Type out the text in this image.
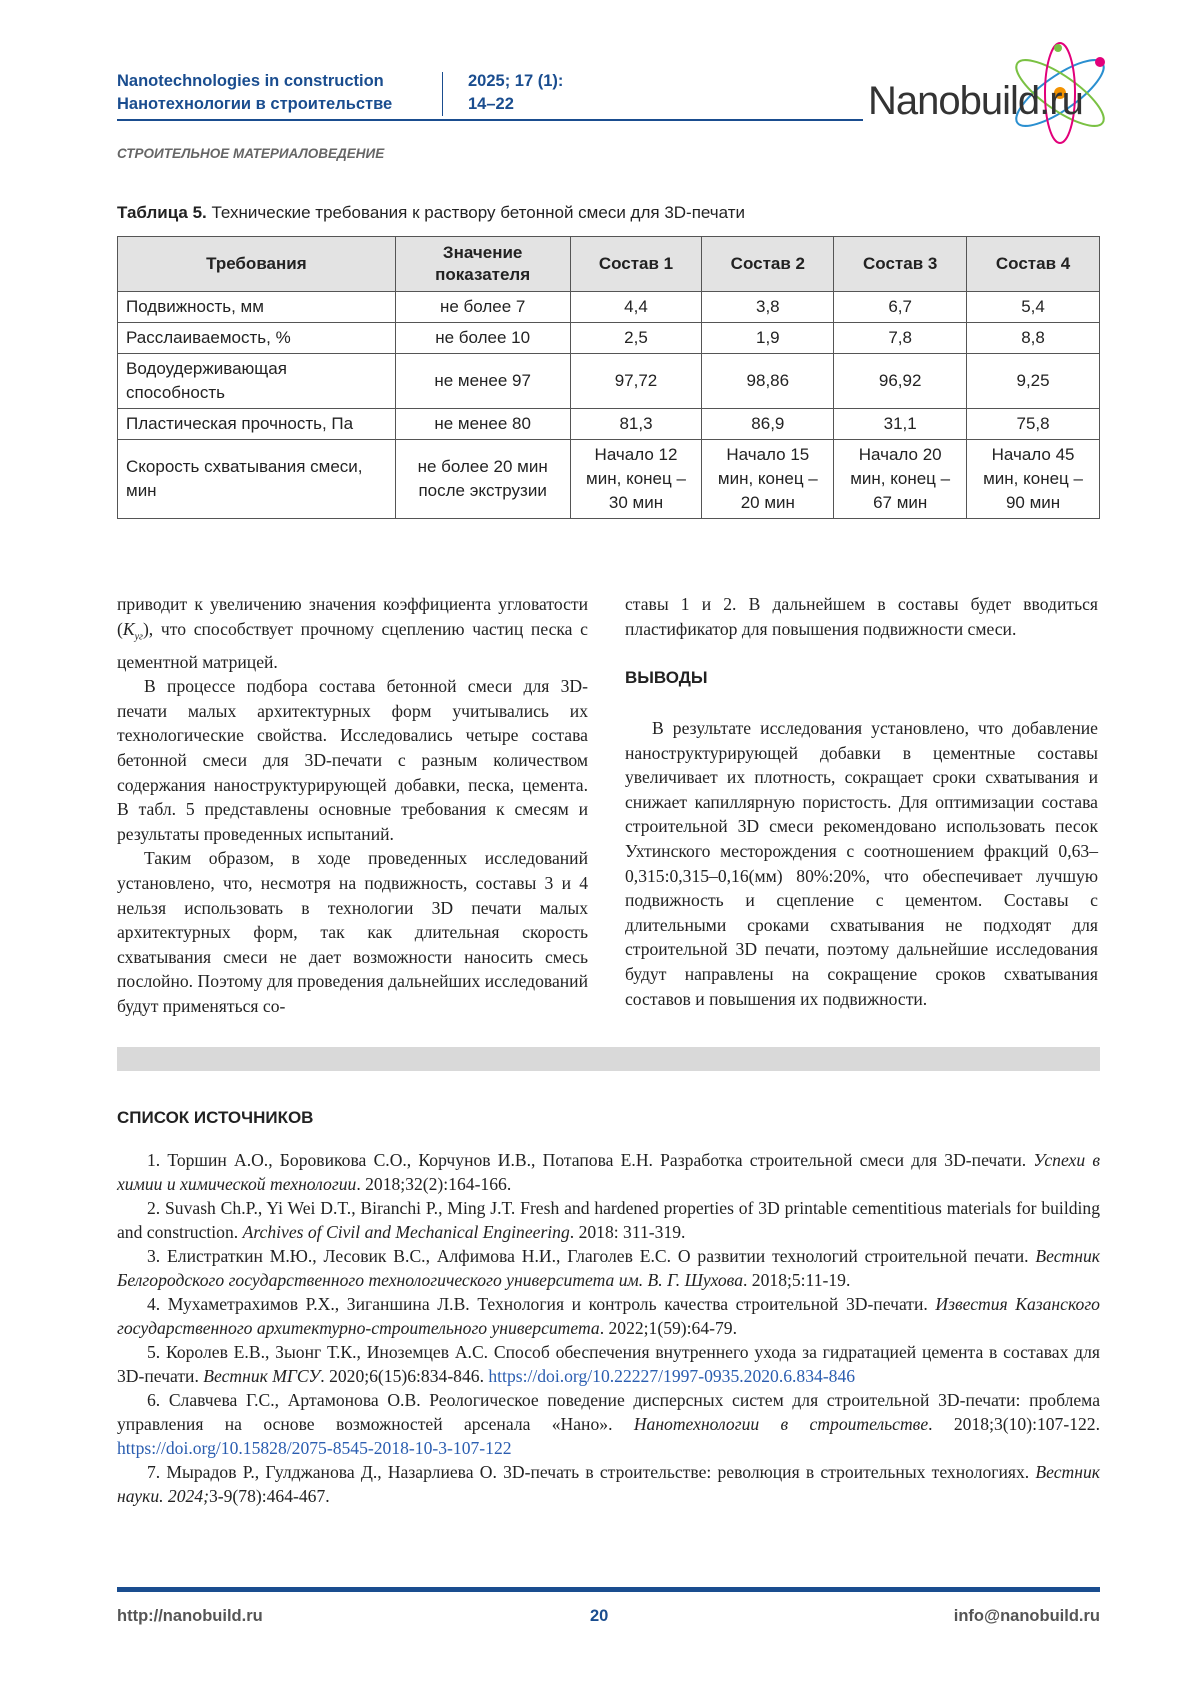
Nanotechnologies in construction
Нанотехнологии в строительстве
2025; 17 (1):
14–22	Nanobuild.ru
СТРОИТЕЛЬНОЕ МАТЕРИАЛОВЕДЕНИЕ
Таблица 5. Технические требования к раствору бетонной смеси для 3D-печати
Требования	Значение показателя	Состав 1	Состав 2	Состав 3	Состав 4
Подвижность, мм	не более 7	4,4	3,8	6,7	5,4
Расслаиваемость, %	не более 10	2,5	1,9	7,8	8,8
Водоудерживающая способность	не менее 97	97,72	98,86	96,92	9,25
Пластическая прочность, Па	не менее 80	81,3	86,9	31,1	75,8
Скорость схватывания смеси, мин	не более 20 мин после экструзии	Начало 12 мин, конец – 30 мин	Начало 15 мин, конец – 20 мин	Начало 20 мин, конец – 67 мин	Начало 45 мин, конец – 90 мин

приводит к увеличению значения коэффициента угловатости $(K_{уг})$, что способствует прочному сцеплению частиц песка с цементной матрицей.

В процессе подбора состава бетонной смеси для 3D-печати малых архитектурных форм учитывались их технологические свойства. Исследовались четыре состава бетонной смеси для 3D-печати с разным количеством содержания наноструктурирующей добавки, песка, цемента. В табл. 5 представлены основные требования к смесям и результаты проведенных испытаний.

Таким образом, в ходе проведенных исследований установлено, что, несмотря на подвижность, составы 3 и 4 нельзя использовать в технологии 3D печати малых архитектурных форм, так как длительная скорость схватывания смеси не дает возможности наносить смесь послойно. Поэтому для проведения дальнейших исследований будут применяться со-

ставы 1 и 2. В дальнейшем в составы будет вводиться пластификатор для повышения подвижности смеси.

ВЫВОДЫ

В результате исследования установлено, что добавление наноструктурирующей добавки в цементные составы увеличивает их плотность, сокращает сроки схватывания и снижает капиллярную пористость. Для оптимизации состава строительной 3D смеси рекомендовано использовать песок Ухтинского месторождения с соотношением фракций 0,63–0,315:0,315–0,16(мм) 80%:20%, что обеспечивает лучшую подвижность и сцепление с цементом. Составы с длительными сроками схватывания не подходят для строительной 3D печати, поэтому дальнейшие исследования будут направлены на сокращение сроков схватывания составов и повышения их подвижности.

СПИСОК ИСТОЧНИКОВ

1. Торшин А.О., Боровикова С.О., Корчунов И.В., Потапова Е.Н. Разработка строительной смеси для 3D-печати. Успехи в химии и химической технологии. 2018;32(2):164-166.

2. Suvash Ch.P., Yi Wei D.T., Biranchi P., Ming J.T. Fresh and hardened properties of 3D printable cementitious materials for building and construction. Archives of Civil and Mechanical Engineering. 2018: 311-319.

3. Елистраткин М.Ю., Лесовик В.С., Алфимова Н.И., Глаголев Е.С. О развитии технологий строительной печати. Вестник Белгородского государственного технологического университета им. В. Г. Шухова. 2018;5:11-19.

4. Мухаметрахимов Р.Х., Зиганшина Л.В. Технология и контроль качества строительной 3D-печати. Известия Казанского государственного архитектурно-строительного университета. 2022;1(59):64-79.

5. Королев Е.В., Зыонг Т.К., Иноземцев А.С. Способ обеспечения внутреннего ухода за гидратацией цемента в составах для 3D-печати. Вестник МГСУ. 2020;6(15)6:834-846. https://doi.org/10.22227/1997-0935.2020.6.834-846

6. Славчева Г.С., Артамонова О.В. Реологическое поведение дисперсных систем для строительной 3D-печати: проблема управления на основе возможностей арсенала «Нано». Нанотехнологии в строительстве. 2018;3(10):107-122. https://doi.org/10.15828/2075-8545-2018-10-3-107-122

7. Мырадов Р., Гулджанова Д., Назарлиева О. 3D-печать в строительстве: революция в строительных технологиях. Вестник науки. 2024;3-9(78):464-467.

http://nanobuild.ru	20	info@nanobuild.ru
